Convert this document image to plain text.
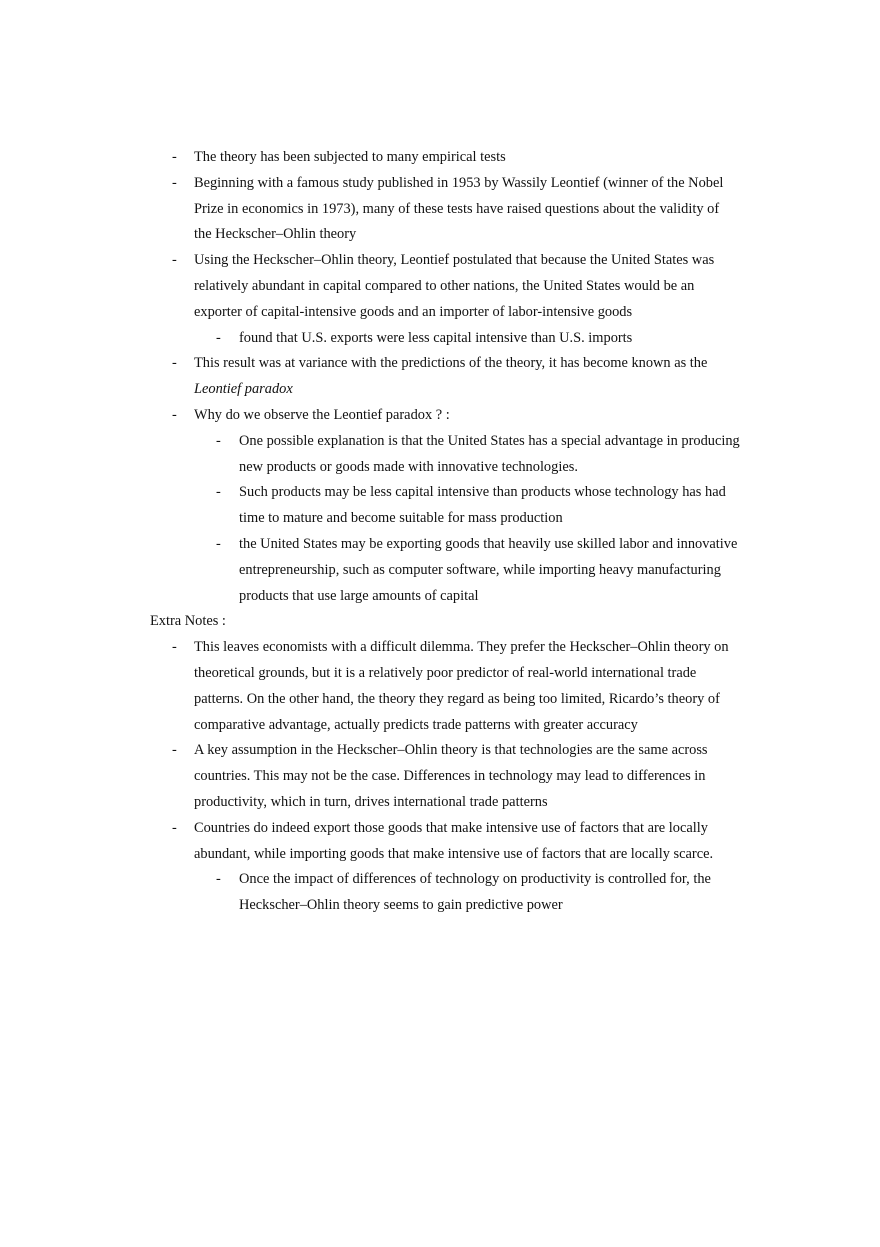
- The theory has been subjected to many empirical tests

- Beginning with a famous study published in 1953 by Wassily Leontief (winner of the Nobel Prize in economics in 1973), many of these tests have raised questions about the validity of the Heckscher–Ohlin theory

- Using the Heckscher–Ohlin theory, Leontief postulated that because the United States was relatively abundant in capital compared to other nations, the United States would be an exporter of capital-intensive goods and an importer of labor-intensive goods

- found that U.S. exports were less capital intensive than U.S. imports

- This result was at variance with the predictions of the theory, it has become known as the
Leontief paradox

- Why do we observe the Leontief paradox ? :

- One possible explanation is that the United States has a special advantage in producing new products or goods made with innovative technologies.

- Such products may be less capital intensive than products whose technology has had time to mature and become suitable for mass production

- the United States may be exporting goods that heavily use skilled labor and innovative entrepreneurship, such as computer software, while importing heavy manufacturing products that use large amounts of capital

Extra Notes :

- This leaves economists with a difficult dilemma. They prefer the Heckscher–Ohlin theory on theoretical grounds, but it is a relatively poor predictor of real-world international trade patterns. On the other hand, the theory they regard as being too limited, Ricardo’s theory of comparative advantage, actually predicts trade patterns with greater accuracy

- A key assumption in the Heckscher–Ohlin theory is that technologies are the same across countries. This may not be the case. Differences in technology may lead to differences in productivity, which in turn, drives international trade patterns

- Countries do indeed export those goods that make intensive use of factors that are locally abundant, while importing goods that make intensive use of factors that are locally scarce.

- Once the impact of differences of technology on productivity is controlled for, the Heckscher–Ohlin theory seems to gain predictive power
